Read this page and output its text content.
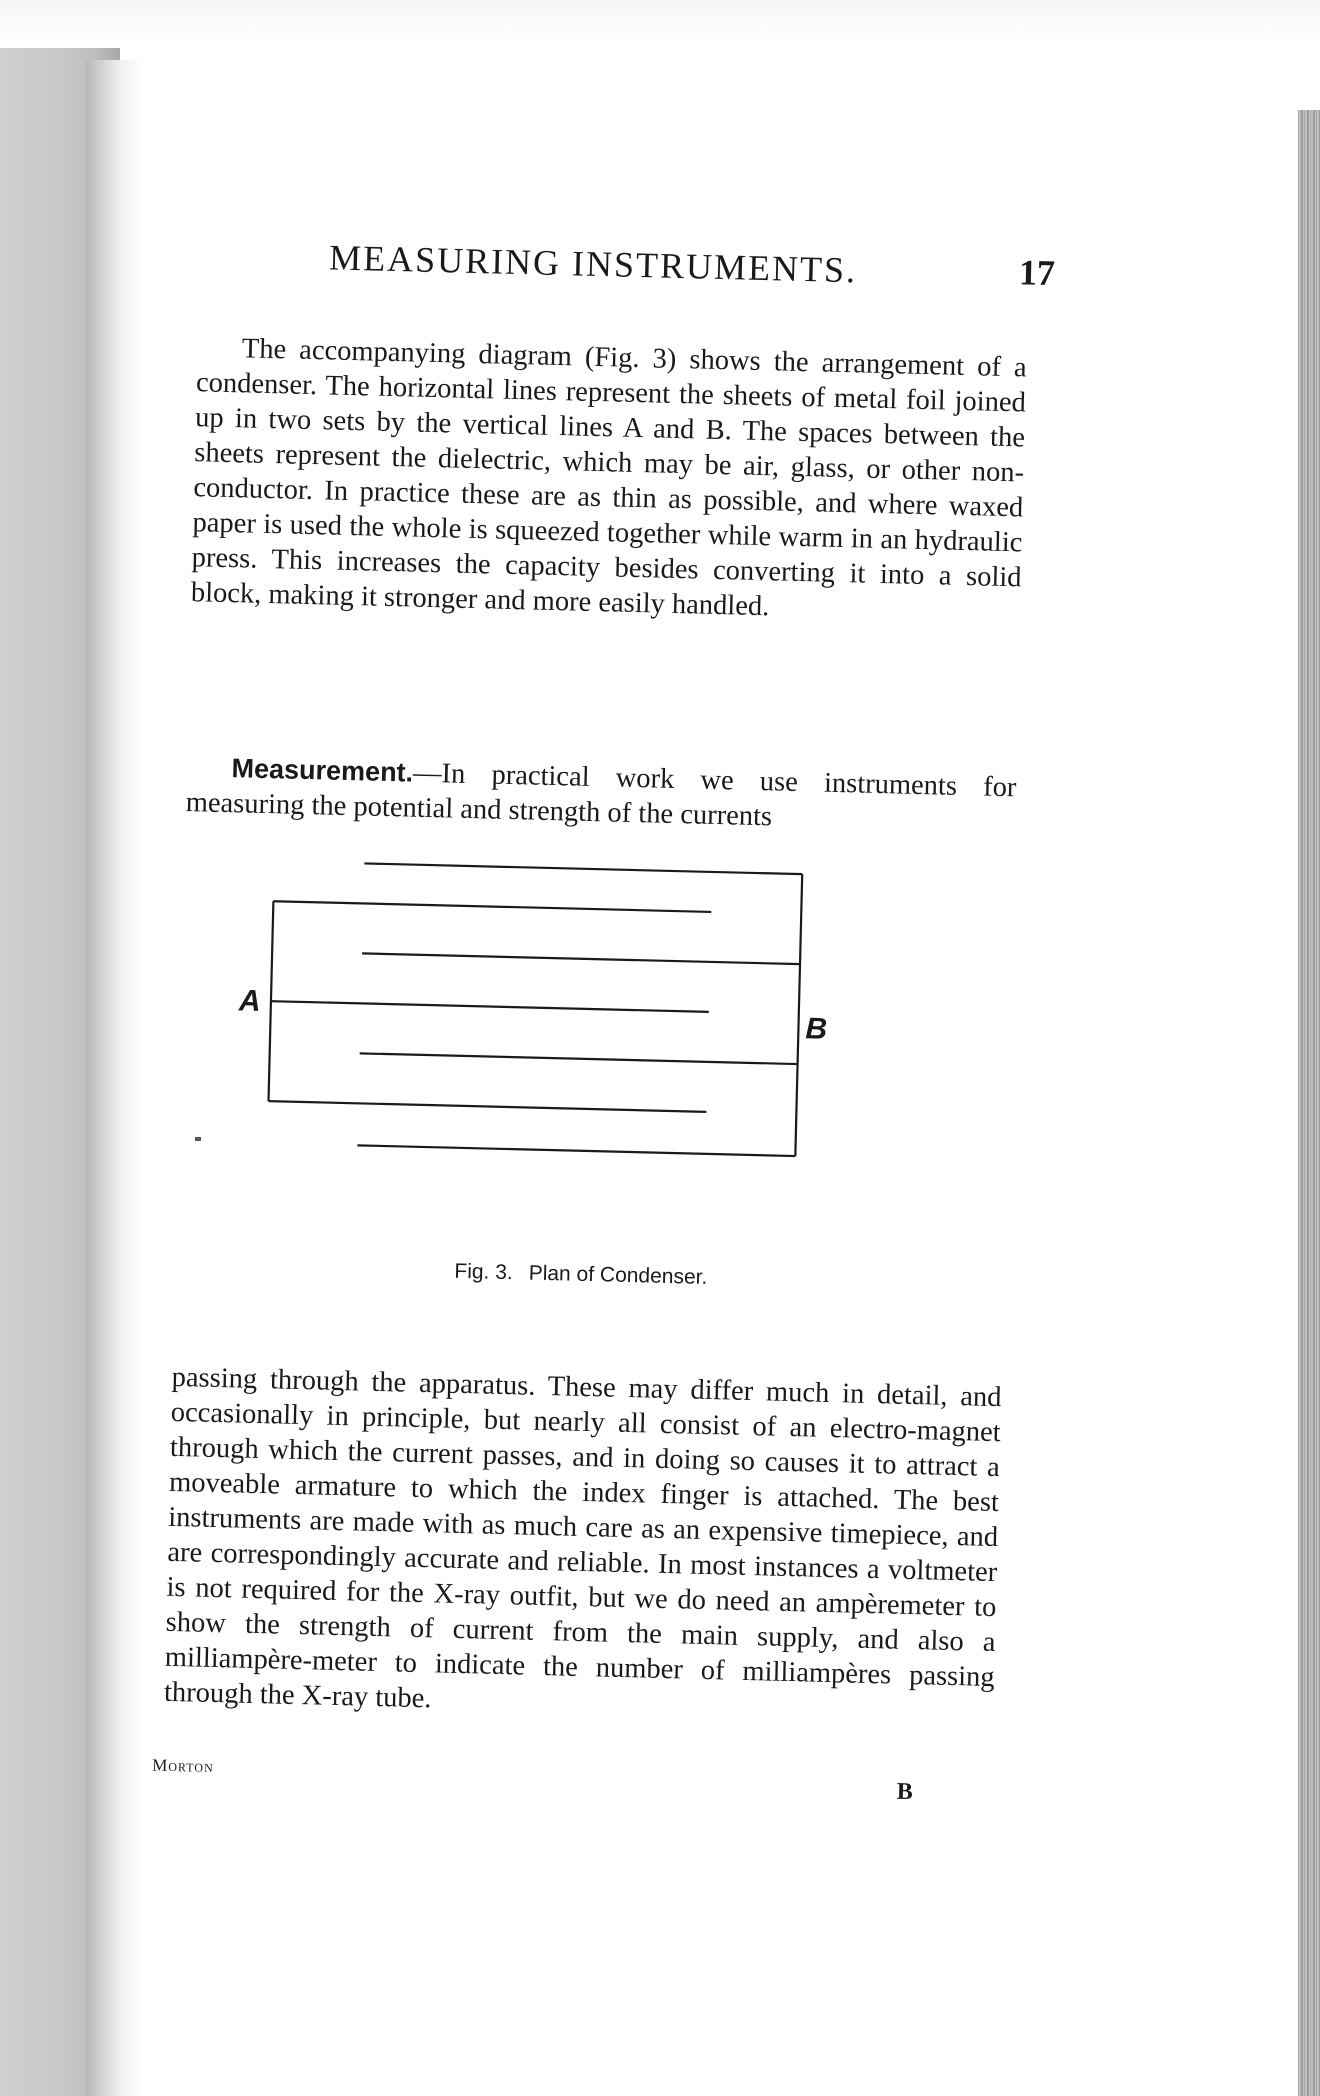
MEASURING INSTRUMENTS.	17

The accompanying diagram (Fig. 3) shows the arrangement of a condenser. The horizontal lines represent the sheets of metal foil joined up in two sets by the vertical lines A and B. The spaces between the sheets represent the dielectric, which may be air, glass, or other non-conductor. In practice these are as thin as possible, and where waxed paper is used the whole is squeezed together while warm in an hydraulic press. This increases the capacity besides converting it into a solid block, making it stronger and more easily handled.

Measurement.—In practical work we use instruments for measuring the potential and strength of the currents

A
B
Fig. 3. Plan of Condenser.

passing through the apparatus. These may differ much in detail, and occasionally in principle, but nearly all consist of an electro-magnet through which the current passes, and in doing so causes it to attract a moveable armature to which the index finger is attached. The best instruments are made with as much care as an expensive timepiece, and are correspondingly accurate and reliable. In most instances a voltmeter is not required for the X-ray outfit, but we do need an ampèremeter to show the strength of current from the main supply, and also a milliampère-meter to indicate the number of milliampères passing through the X-ray tube.

Morton
B
